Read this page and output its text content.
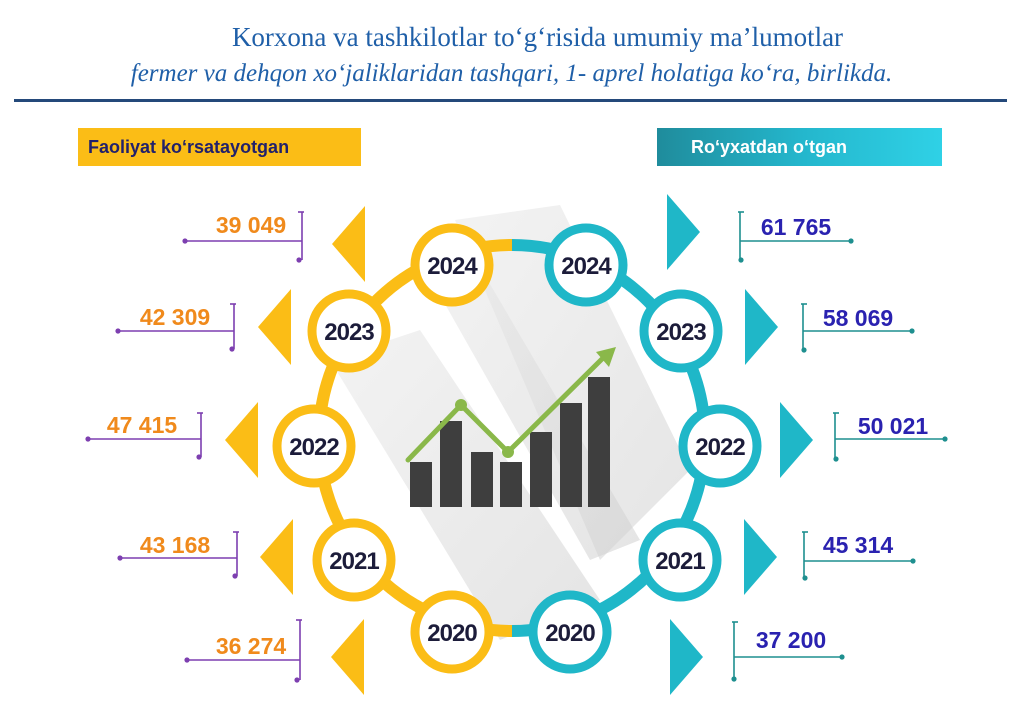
Korxona va tashkilotlar to‘g‘risida umumiy ma’lumotlar
fermer va dehqon xo‘jaliklaridan tashqari, 1- aprel holatiga ko‘ra, birlikda.
Faoliyat ko‘rsatayotgan	Ro‘yxatdan o‘tgan
2024
39 049
2024
61 765
2023
42 309
2023
58 069
2022
47 415
2022
50 021
2021
43 168
2021
45 314
2020
36 274	2020	37 200
